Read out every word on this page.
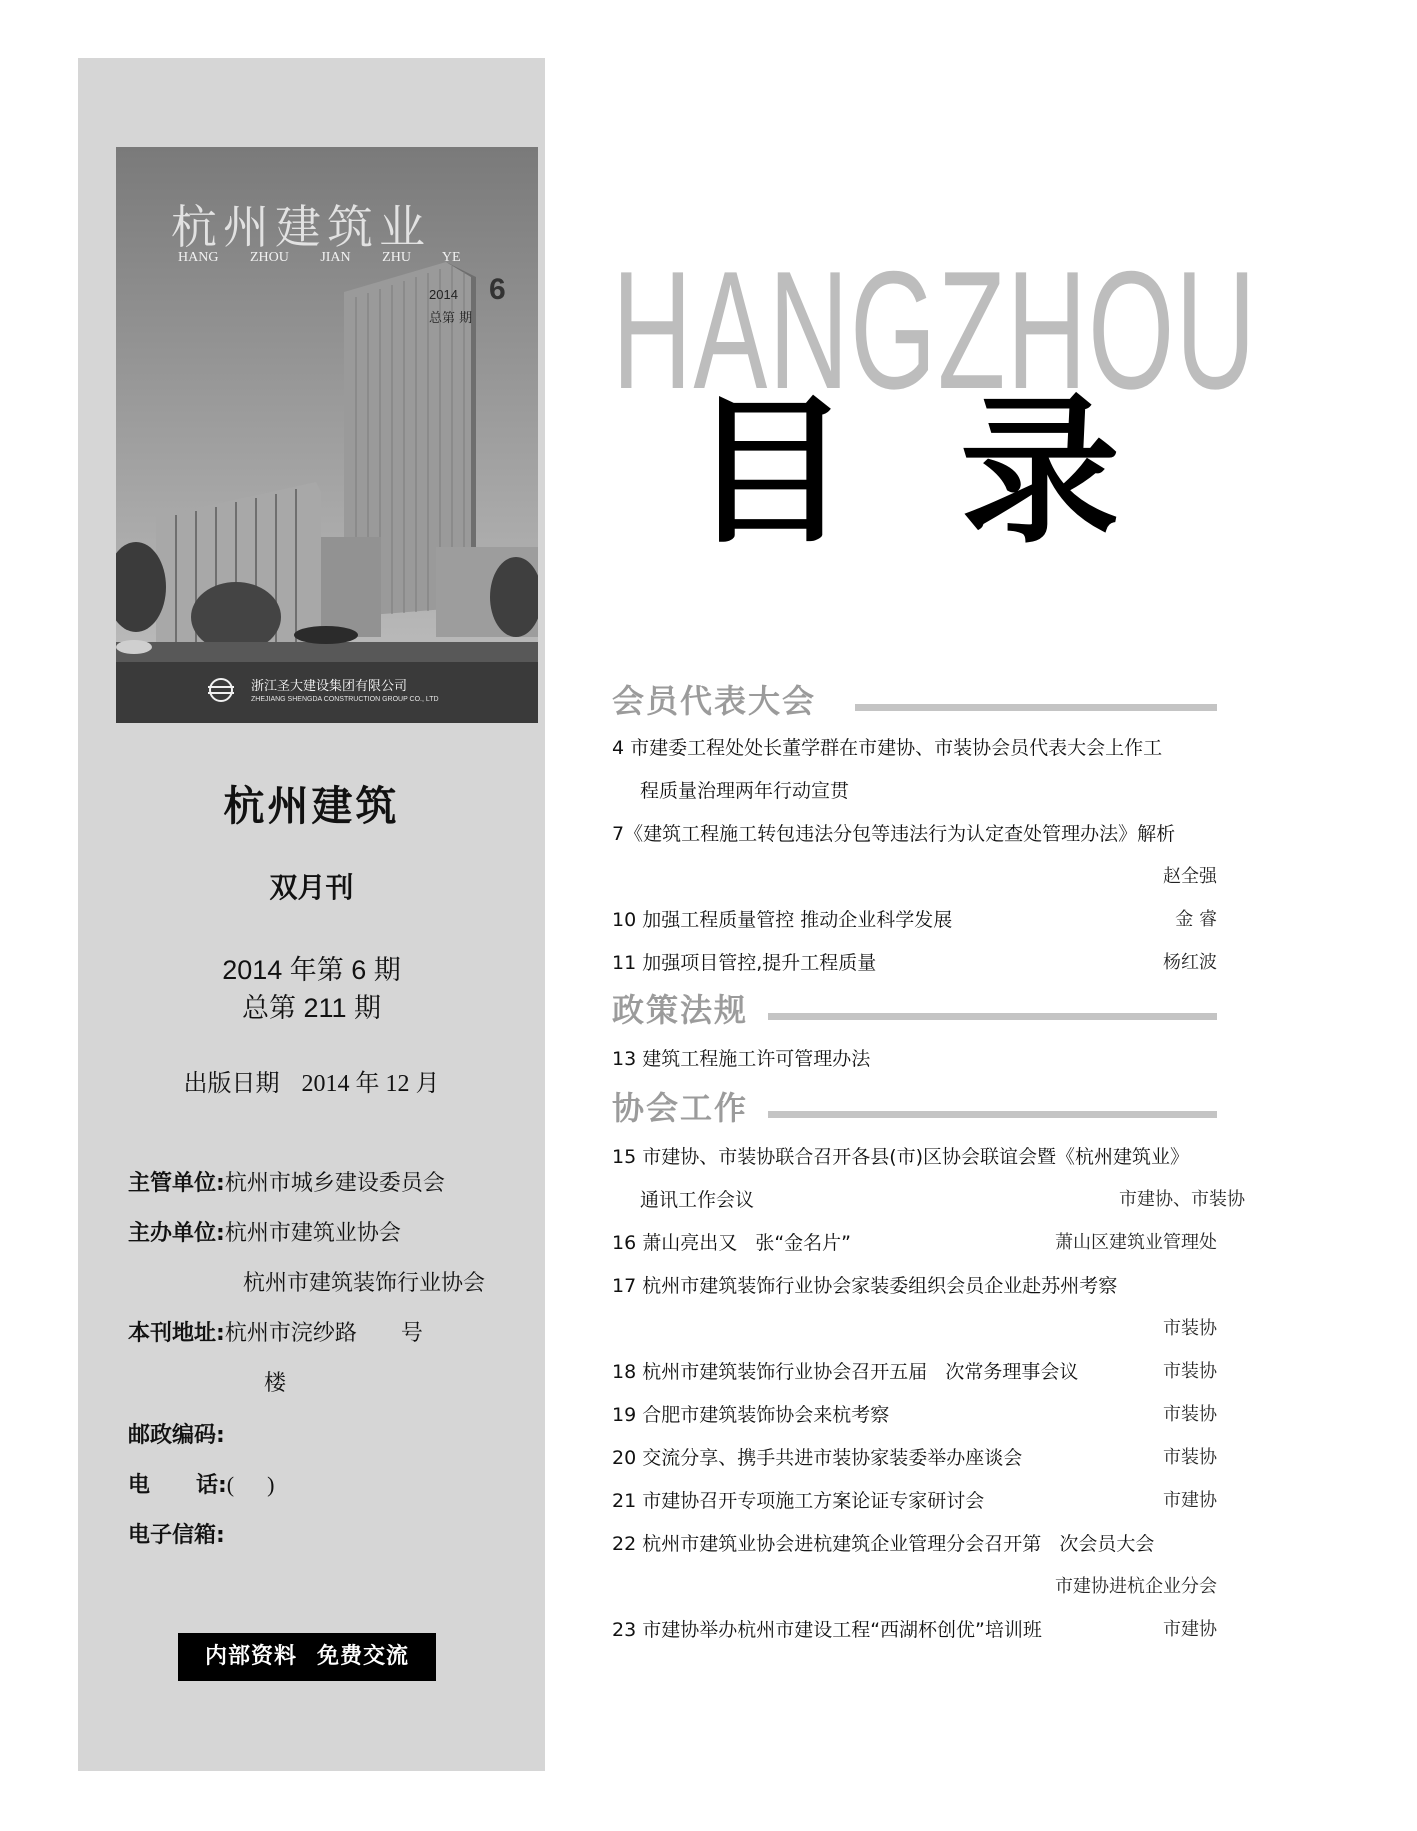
杭州建筑业
HANG ZHOU JIAN ZHU YE
2014 6
总第 期
浙江圣大建设集团有限公司
ZHEJIANG SHENGDA CONSTRUCTION GROUP CO., LTD
杭州建筑
双月刊
2014 年第 6 期
总第 211 期
出版日期 2014 年 12 月
主管单位:杭州市城乡建设委员会
主办单位:杭州市建筑业协会
杭州市建筑装饰行业协会
本刊地址:杭州市浣纱路        号
楼
邮政编码:
电      话:(      )
电子信箱:
内部资料 免费交流
HANGZHOU
目 录
会员代表大会
4 市建委工程处处长董学群在市建协、市装协会员代表大会上作工
程质量治理两年行动宣贯
7《建筑工程施工转包违法分包等违法行为认定查处管理办法》解析
赵全强
10 加强工程质量管控 推动企业科学发展	金 睿
11 加强项目管控,提升工程质量	杨红波
政策法规
13 建筑工程施工许可管理办法
协会工作
15 市建协、市装协联合召开各县(市)区协会联谊会暨《杭州建筑业》
通讯工作会议	市建协、市装协
16 萧山亮出又   张“金名片”	萧山区建筑业管理处
17 杭州市建筑装饰行业协会家装委组织会员企业赴苏州考察
市装协
18 杭州市建筑装饰行业协会召开五届   次常务理事会议	市装协
19 合肥市建筑装饰协会来杭考察	市装协
20 交流分享、携手共进市装协家装委举办座谈会	市装协
21 市建协召开专项施工方案论证专家研讨会	市建协
22 杭州市建筑业协会进杭建筑企业管理分会召开第   次会员大会
市建协进杭企业分会
23 市建协举办杭州市建设工程“西湖杯创优”培训班	市建协
